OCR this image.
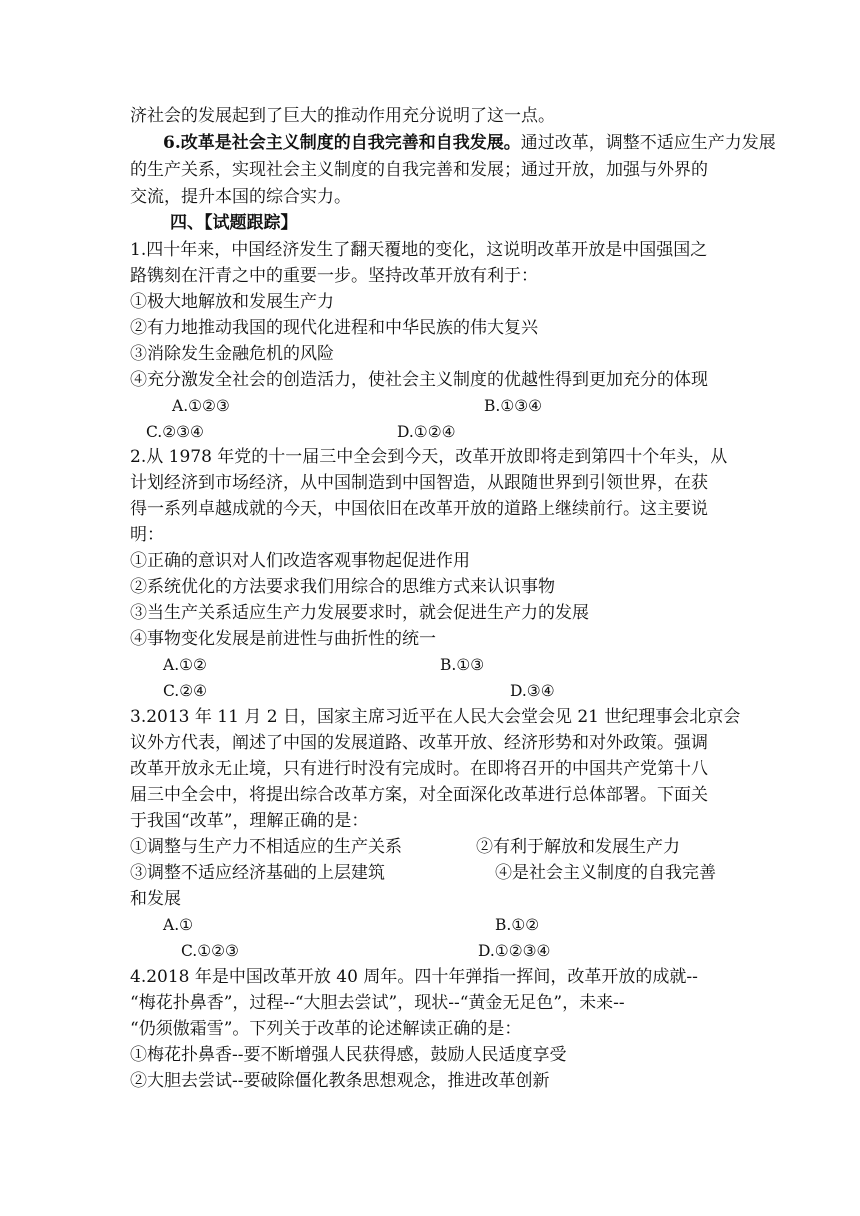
济社会的发展起到了巨大的推动作用充分说明了这一点。
6.改革是社会主义制度的自我完善和自我发展。通过改革，调整不适应生产力发展
的生产关系，实现社会主义制度的自我完善和发展；通过开放，加强与外界的
交流，提升本国的综合实力。
四、【试题跟踪】
1.四十年来，中国经济发生了翻天覆地的变化，这说明改革开放是中国强国之
路镌刻在汗青之中的重要一步。坚持改革开放有利于：
①极大地解放和发展生产力
②有力地推动我国的现代化进程和中华民族的伟大复兴
③消除发生金融危机的风险
④充分激发全社会的创造活力，使社会主义制度的优越性得到更加充分的体现
A.①②③	B.①③④
C.②③④	D.①②④
2.从 1978 年党的十一届三中全会到今天，改革开放即将走到第四十个年头，从
计划经济到市场经济，从中国制造到中国智造，从跟随世界到引领世界，在获
得一系列卓越成就的今天，中国依旧在改革开放的道路上继续前行。这主要说
明：
①正确的意识对人们改造客观事物起促进作用
②系统优化的方法要求我们用综合的思维方式来认识事物
③当生产关系适应生产力发展要求时，就会促进生产力的发展
④事物变化发展是前进性与曲折性的统一
A.①②	B.①③
C.②④	D.③④
3.2013 年 11 月 2 日，国家主席习近平在人民大会堂会见 21 世纪理事会北京会
议外方代表，阐述了中国的发展道路、改革开放、经济形势和对外政策。强调
改革开放永无止境，只有进行时没有完成时。在即将召开的中国共产党第十八
届三中全会中，将提出综合改革方案，对全面深化改革进行总体部署。下面关
于我国“改革”，理解正确的是：
①调整与生产力不相适应的生产关系	②有利于解放和发展生产力
③调整不适应经济基础的上层建筑	④是社会主义制度的自我完善
和发展
A.①	B.①②
C.①②③	D.①②③④
4.2018 年是中国改革开放 40 周年。四十年弹指一挥间，改革开放的成就--
“梅花扑鼻香”，过程--“大胆去尝试”，现状--“黄金无足色”，未来--
“仍须傲霜雪”。下列关于改革的论述解读正确的是：
①梅花扑鼻香--要不断增强人民获得感，鼓励人民适度享受
②大胆去尝试--要破除僵化教条思想观念，推进改革创新
